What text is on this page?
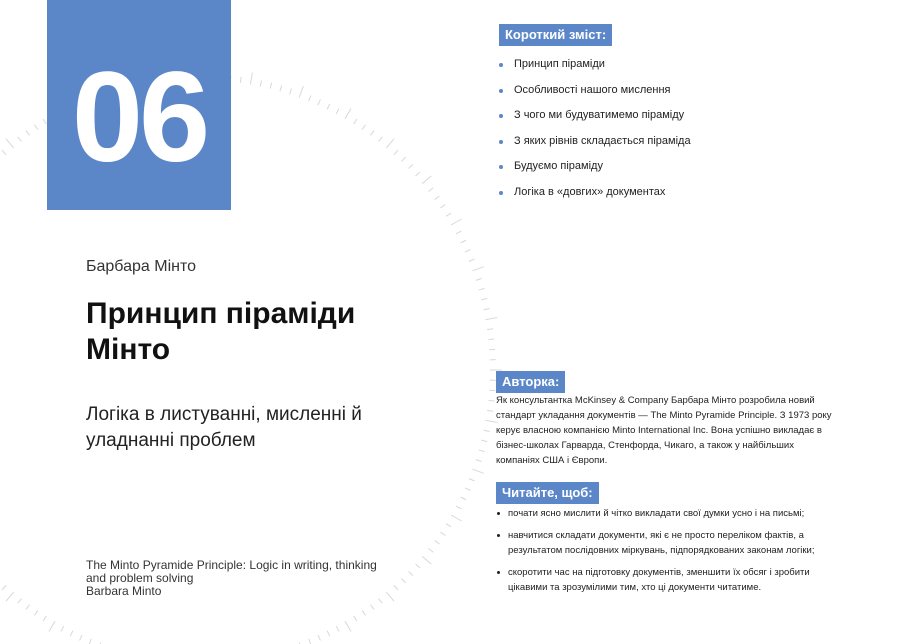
06
Барбара Мінто
Принцип піраміди Мінто
Логіка в листуванні, мисленні й уладнанні проблем
The Minto Pyramide Principle: Logic in writing, thinking and problem solving
Barbara Minto
Короткий зміст:
Принцип піраміди
Особливості нашого мислення
З чого ми будуватимемо піраміду
З яких рівнів складається піраміда
Будуємо піраміду
Логіка в «довгих» документах
Авторка:

Як консультантка McKinsey & Company Барбара Мінто розробила новий стандарт укладання документів — The Minto Pyramide Principle. З 1973 року керує власною компанією Minto International Inc. Вона успішно викладає в бізнес-школах Гарварда, Стенфорда, Чикаго, а також у найбільших компаніях США і Європи.

Читайте, щоб:
почати ясно мислити й чітко викладати свої думки усно і на письмі;
навчитися складати документи, які є не просто переліком фактів, а результатом послідовних міркувань, підпорядкованих законам логіки;
скоротити час на підготовку документів, зменшити їх обсяг і зробити цікавими та зрозумілими тим, хто ці документи читатиме.
